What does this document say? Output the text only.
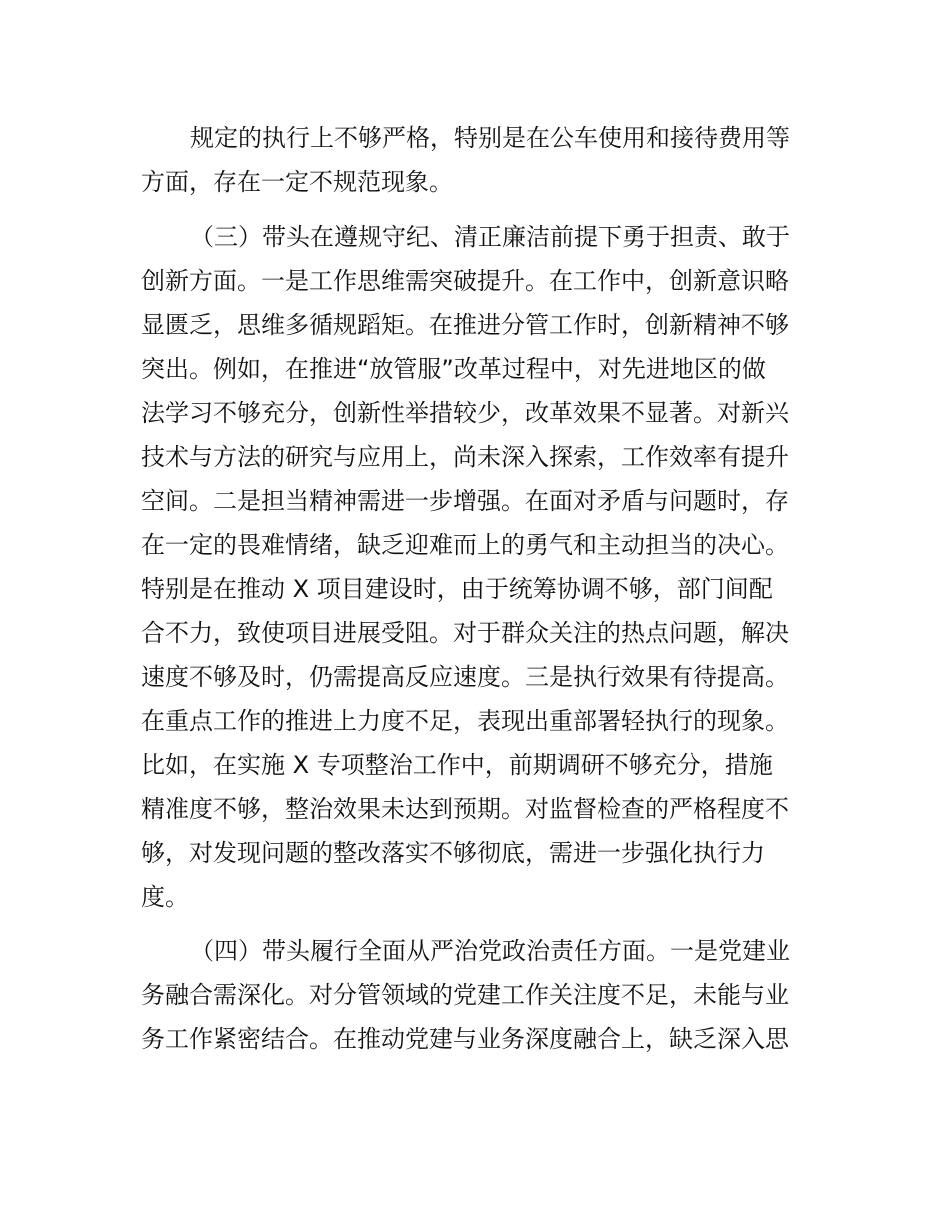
规定的执行上不够严格，特别是在公车使用和接待费用等
方面，存在一定不规范现象。
（三）带头在遵规守纪、清正廉洁前提下勇于担责、敢于
创新方面。一是工作思维需突破提升。在工作中，创新意识略
显匮乏，思维多循规蹈矩。在推进分管工作时，创新精神不够
突出。例如，在推进“放管服”改革过程中，对先进地区的做
法学习不够充分，创新性举措较少，改革效果不显著。对新兴
技术与方法的研究与应用上，尚未深入探索，工作效率有提升
空间。二是担当精神需进一步增强。在面对矛盾与问题时，存
在一定的畏难情绪，缺乏迎难而上的勇气和主动担当的决心。
特别是在推动 X 项目建设时，由于统筹协调不够，部门间配
合不力，致使项目进展受阻。对于群众关注的热点问题，解决
速度不够及时，仍需提高反应速度。三是执行效果有待提高。
在重点工作的推进上力度不足，表现出重部署轻执行的现象。
比如，在实施 X 专项整治工作中，前期调研不够充分，措施
精准度不够，整治效果未达到预期。对监督检查的严格程度不
够，对发现问题的整改落实不够彻底，需进一步强化执行力
度。
（四）带头履行全面从严治党政治责任方面。一是党建业
务融合需深化。对分管领域的党建工作关注度不足，未能与业
务工作紧密结合。在推动党建与业务深度融合上，缺乏深入思
